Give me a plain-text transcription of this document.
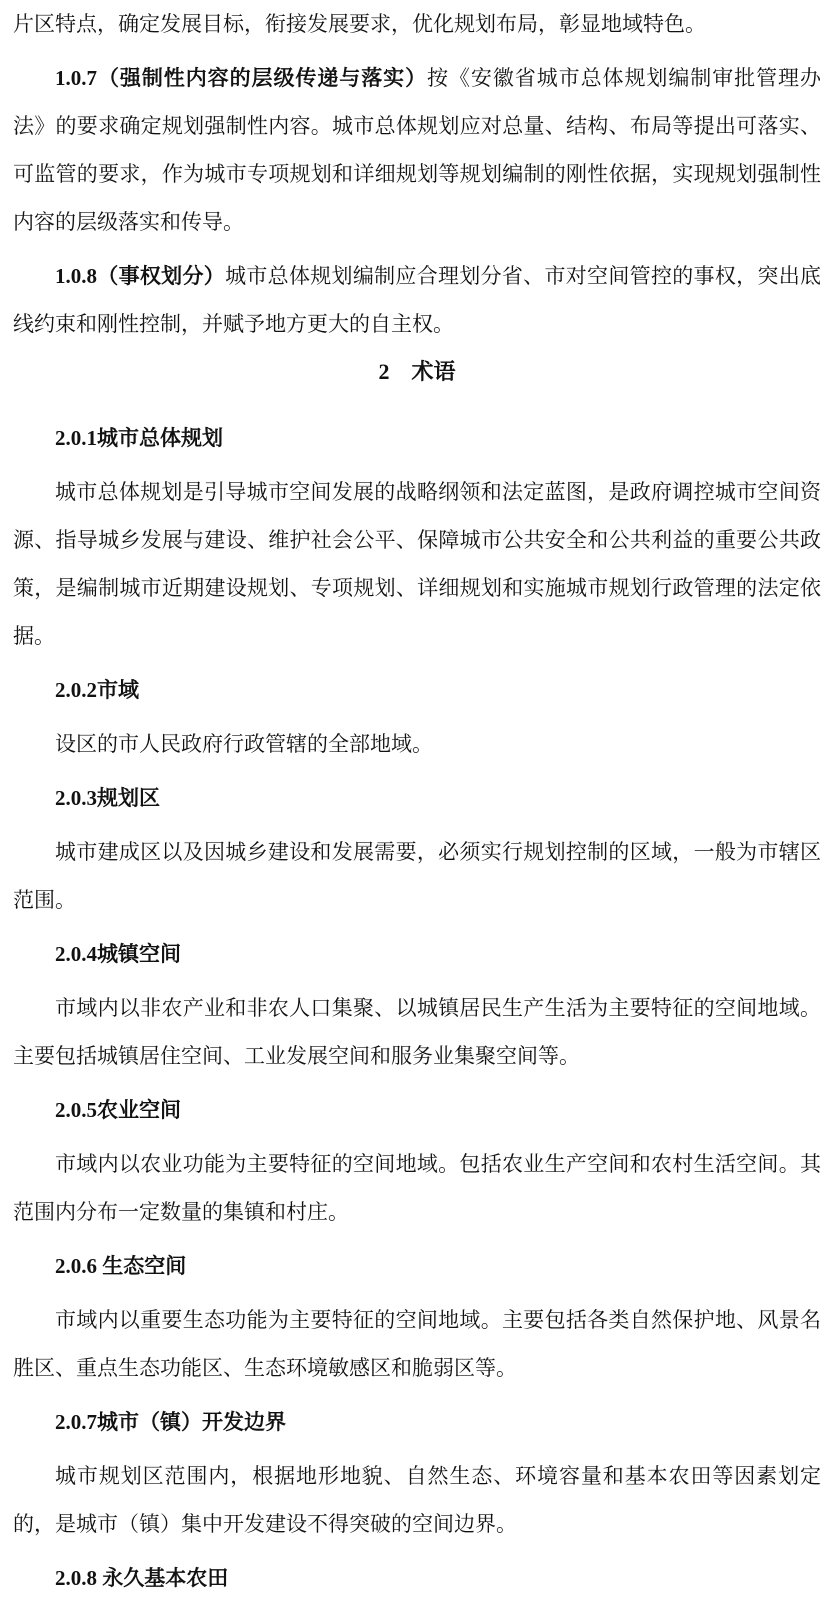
片区特点，确定发展目标，衔接发展要求，优化规划布局，彰显地域特色。

1.0.7（强制性内容的层级传递与落实）按《安徽省城市总体规划编制审批管理办法》的要求确定规划强制性内容。城市总体规划应对总量、结构、布局等提出可落实、可监管的要求，作为城市专项规划和详细规划等规划编制的刚性依据，实现规划强制性内容的层级落实和传导。

1.0.8（事权划分）城市总体规划编制应合理划分省、市对空间管控的事权，突出底线约束和刚性控制，并赋予地方更大的自主权。

2 术语
2.0.1城市总体规划

城市总体规划是引导城市空间发展的战略纲领和法定蓝图，是政府调控城市空间资源、指导城乡发展与建设、维护社会公平、保障城市公共安全和公共利益的重要公共政策，是编制城市近期建设规划、专项规划、详细规划和实施城市规划行政管理的法定依据。

2.0.2市域

设区的市人民政府行政管辖的全部地域。

2.0.3规划区

城市建成区以及因城乡建设和发展需要，必须实行规划控制的区域，一般为市辖区范围。

2.0.4城镇空间

市域内以非农产业和非农人口集聚、以城镇居民生产生活为主要特征的空间地域。主要包括城镇居住空间、工业发展空间和服务业集聚空间等。

2.0.5农业空间

市域内以农业功能为主要特征的空间地域。包括农业生产空间和农村生活空间。其范围内分布一定数量的集镇和村庄。

2.0.6 生态空间

市域内以重要生态功能为主要特征的空间地域。主要包括各类自然保护地、风景名胜区、重点生态功能区、生态环境敏感区和脆弱区等。

2.0.7城市（镇）开发边界

城市规划区范围内，根据地形地貌、自然生态、环境容量和基本农田等因素划定的，是城市（镇）集中开发建设不得突破的空间边界。

2.0.8 永久基本农田
